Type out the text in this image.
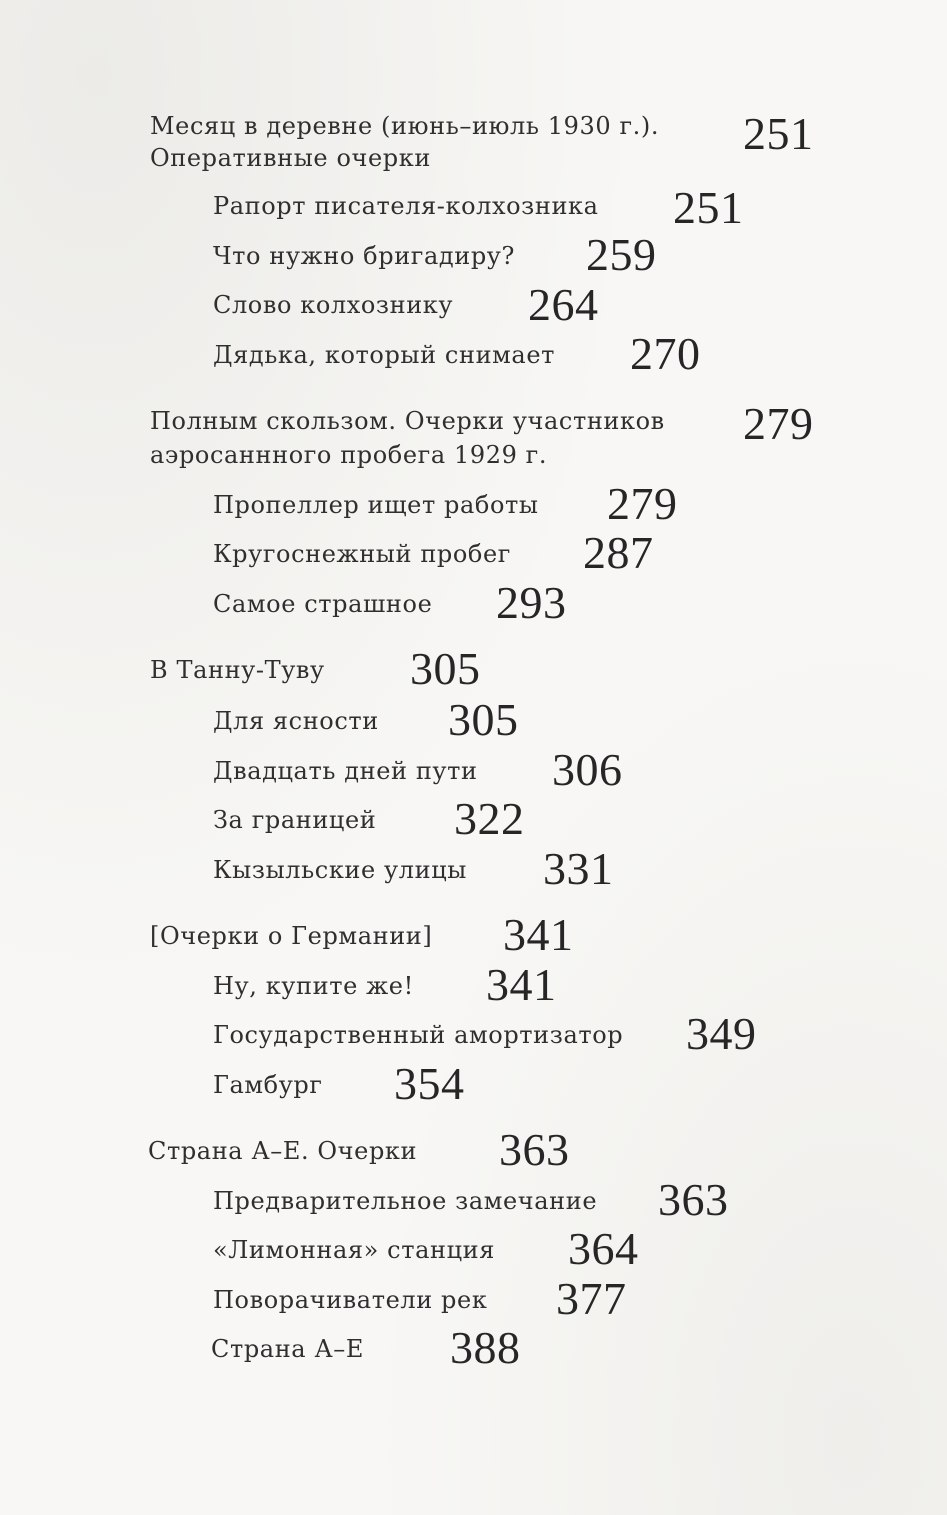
Месяц в деревне (июнь–июль 1930 г.).
Оперативные очерки	251
Рапорт писателя-колхозника 251
Что нужно бригадиру? 259
Слово колхознику 264
Дядька, который снимает 270
Полным скользом. Очерки участников
аэросаннного пробега 1929 г.
279
Пропеллер ищет работы 279
Кругоснежный пробег 287
Самое страшное 293
В Танну-Туву 305
Для ясности 305
Двадцать дней пути 306
За границей 322
Кызыльские улицы 331
[Очерки о Германии] 341
Ну, купите же! 341
Государственный амортизатор 349
Гамбург 354
Страна А–Е. Очерки 363
Предварительное замечание 363
«Лимонная» станция 364
Поворачиватели рек 377
Страна А–Е 388
